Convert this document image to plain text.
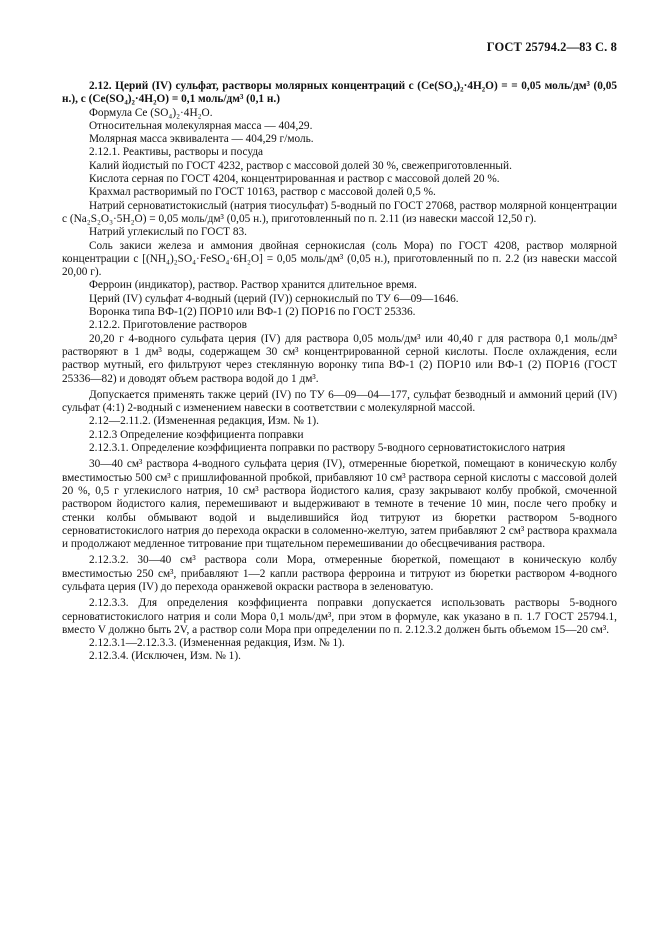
ГОСТ 25794.2—83 С. 8

2.12. Церий (IV) сульфат, растворы молярных концентраций c (Ce(SO₄)₂·4H₂O) = = 0,05 моль/дм³ (0,05 н.), c (Ce(SO₄)₂·4H₂O) = 0,1 моль/дм³ (0,1 н.)

Формула Ce (SO₄)₂·4H₂O.

Относительная молекулярная масса — 404,29.

Молярная масса эквивалента — 404,29 г/моль.

2.12.1. Реактивы, растворы и посуда

Калий йодистый по ГОСТ 4232, раствор с массовой долей 30 %, свежеприготовленный.

Кислота серная по ГОСТ 4204, концентрированная и раствор с массовой долей 20 %.

Крахмал растворимый по ГОСТ 10163, раствор с массовой долей 0,5 %.

Натрий серноватистокислый (натрия тиосульфат) 5-водный по ГОСТ 27068, раствор молярной концентрации c (Na₂S₂O₃·5H₂O) = 0,05 моль/дм³ (0,05 н.), приготовленный по п. 2.11 (из навески массой 12,50 г).

Натрий углекислый по ГОСТ 83.

Соль закиси железа и аммония двойная сернокислая (соль Мора) по ГОСТ 4208, раствор молярной концентрации c [(NH₄)₂SO₄·FeSO₄·6H₂O] = 0,05 моль/дм³ (0,05 н.), приготовленный по п. 2.2 (из навески массой 20,00 г).

Ферроин (индикатор), раствор. Раствор хранится длительное время.

Церий (IV) сульфат 4-водный (церий (IV)) сернокислый по ТУ 6—09—1646.

Воронка типа ВФ-1(2) ПОР10 или ВФ-1 (2) ПОР16 по ГОСТ 25336.

2.12.2. Приготовление растворов

20,20 г 4-водного сульфата церия (IV) для раствора 0,05 моль/дм³ или 40,40 г для раствора 0,1 моль/дм³ растворяют в 1 дм³ воды, содержащем 30 см³ концентрированной серной кислоты. После охлаждения, если раствор мутный, его фильтруют через стеклянную воронку типа ВФ-1 (2) ПОР10 или ВФ-1 (2) ПОР16 (ГОСТ 25336—82) и доводят объем раствора водой до 1 дм³.

Допускается применять также церий (IV) по ТУ 6—09—04—177, сульфат безводный и аммоний церий (IV) сульфат (4:1) 2-водный с изменением навески в соответствии с молекулярной массой.

2.12—2.11.2. (Измененная редакция, Изм. № 1).

2.12.3 Определение коэффициента поправки

2.12.3.1. Определение коэффициента поправки по раствору 5-водного серноватистокислого натрия

30—40 см³ раствора 4-водного сульфата церия (IV), отмеренные бюреткой, помещают в коническую колбу вместимостью 500 см³ с пришлифованной пробкой, прибавляют 10 см³ раствора серной кислоты с массовой долей 20 %, 0,5 г углекислого натрия, 10 см³ раствора йодистого калия, сразу закрывают колбу пробкой, смоченной раствором йодистого калия, перемешивают и выдерживают в темноте в течение 10 мин, после чего пробку и стенки колбы обмывают водой и выделившийся йод титруют из бюретки раствором 5-водного серноватистокислого натрия до перехода окраски в соломенно-желтую, затем прибавляют 2 см³ раствора крахмала и продолжают медленное титрование при тщательном перемешивании до обесцвечивания раствора.

2.12.3.2. 30—40 см³ раствора соли Мора, отмеренные бюреткой, помещают в коническую колбу вместимостью 250 см³, прибавляют 1—2 капли раствора ферроина и титруют из бюретки раствором 4-водного сульфата церия (IV) до перехода оранжевой окраски раствора в зеленоватую.

2.12.3.3. Для определения коэффициента поправки допускается использовать растворы 5-водного серноватистокислого натрия и соли Мора 0,1 моль/дм³, при этом в формуле, как указано в п. 1.7 ГОСТ 25794.1, вместо V должно быть 2V, а раствор соли Мора при определении по п. 2.12.3.2 должен быть объемом 15—20 см³.

2.12.3.1—2.12.3.3. (Измененная редакция, Изм. № 1).

2.12.3.4. (Исключен, Изм. № 1).
